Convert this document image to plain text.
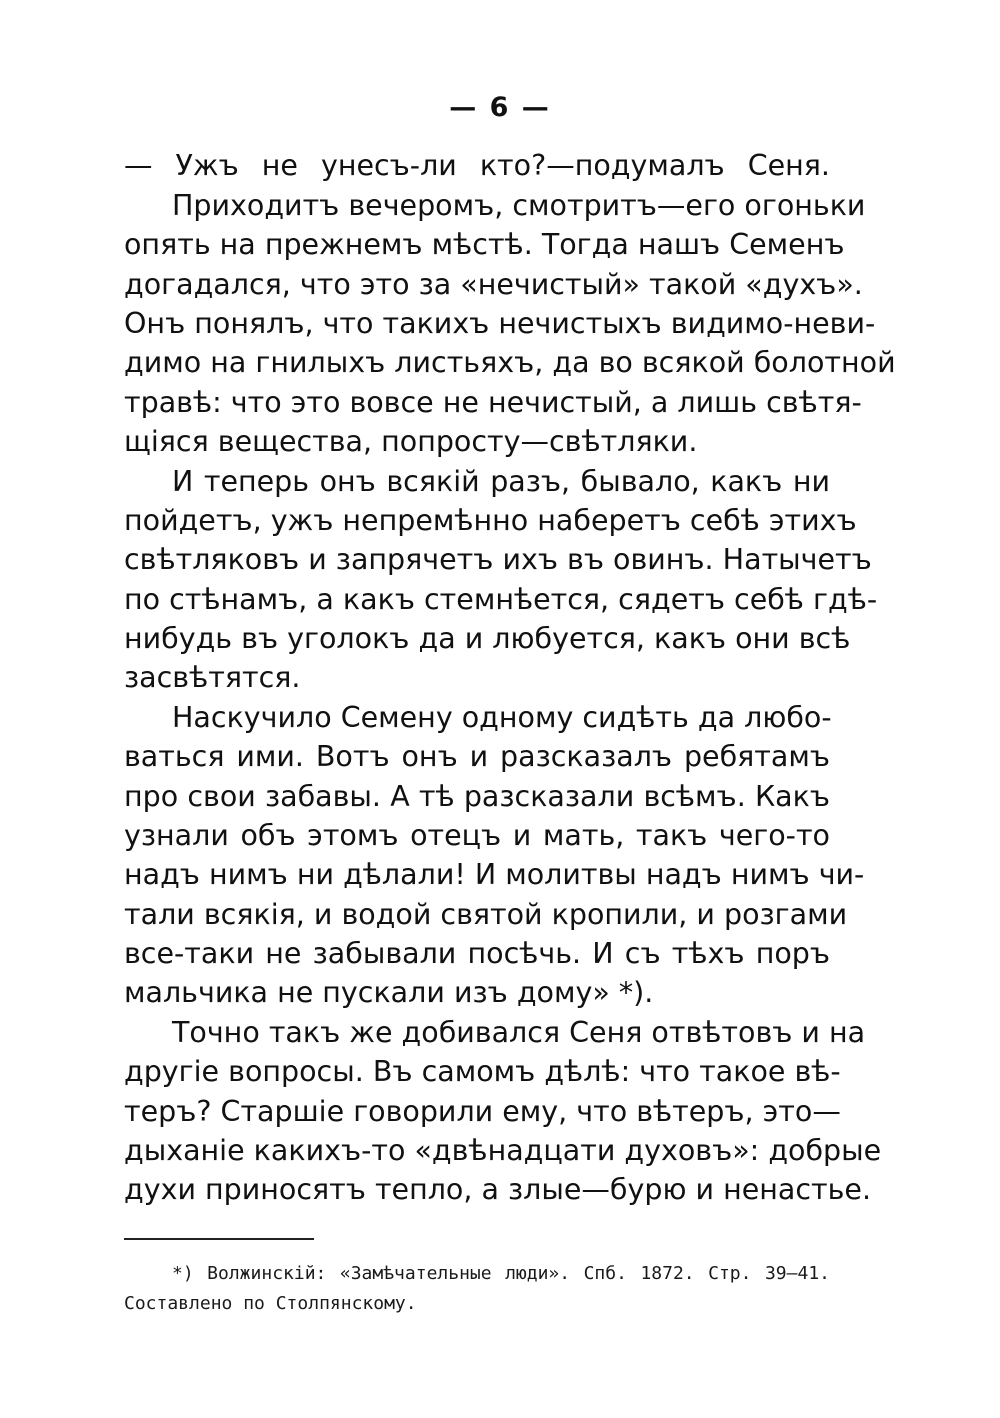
— 6 —
— Ужъ не унесъ-ли кто?—подумалъ Сеня.
Приходитъ вечеромъ, смотритъ—его огоньки
опять на прежнемъ мѣстѣ. Тогда нашъ Семенъ
догадался, что это за «нечистый» такой «духъ».
Онъ понялъ, что такихъ нечистыхъ видимо-неви-
димо на гнилыхъ листьяхъ, да во всякой болотной
травѣ: что это вовсе не нечистый, а лишь свѣтя-
щіяся вещества, попросту—свѣтляки.
И теперь онъ всякій разъ, бывало, какъ ни
пойдетъ, ужъ непремѣнно наберетъ себѣ этихъ
свѣтляковъ и запрячетъ ихъ въ овинъ. Натычетъ
по стѣнамъ, а какъ стемнѣется, сядетъ себѣ гдѣ-
нибудь въ уголокъ да и любуется, какъ они всѣ
засвѣтятся.
Наскучило Семену одному сидѣть да любо-
ваться ими. Вотъ онъ и разсказалъ ребятамъ
про свои забавы. А тѣ разсказали всѣмъ. Какъ
узнали объ этомъ отецъ и мать, такъ чего-то
надъ нимъ ни дѣлали! И молитвы надъ нимъ чи-
тали всякія, и водой святой кропили, и розгами
все-таки не забывали посѣчь. И съ тѣхъ поръ
мальчика не пускали изъ дому» *).
Точно такъ же добивался Сеня отвѣтовъ и на
другіе вопросы. Въ самомъ дѣлѣ: что такое вѣ-
теръ? Старшіе говорили ему, что вѣтеръ, это—
дыханіе какихъ-то «двѣнадцати духовъ»: добрые
духи приносятъ тепло, а злые—бурю и ненастье.
*) Волжинскій: «Замѣчательные люди». Спб. 1872. Стр. 39—41.
Составлено по Столпянскому.
